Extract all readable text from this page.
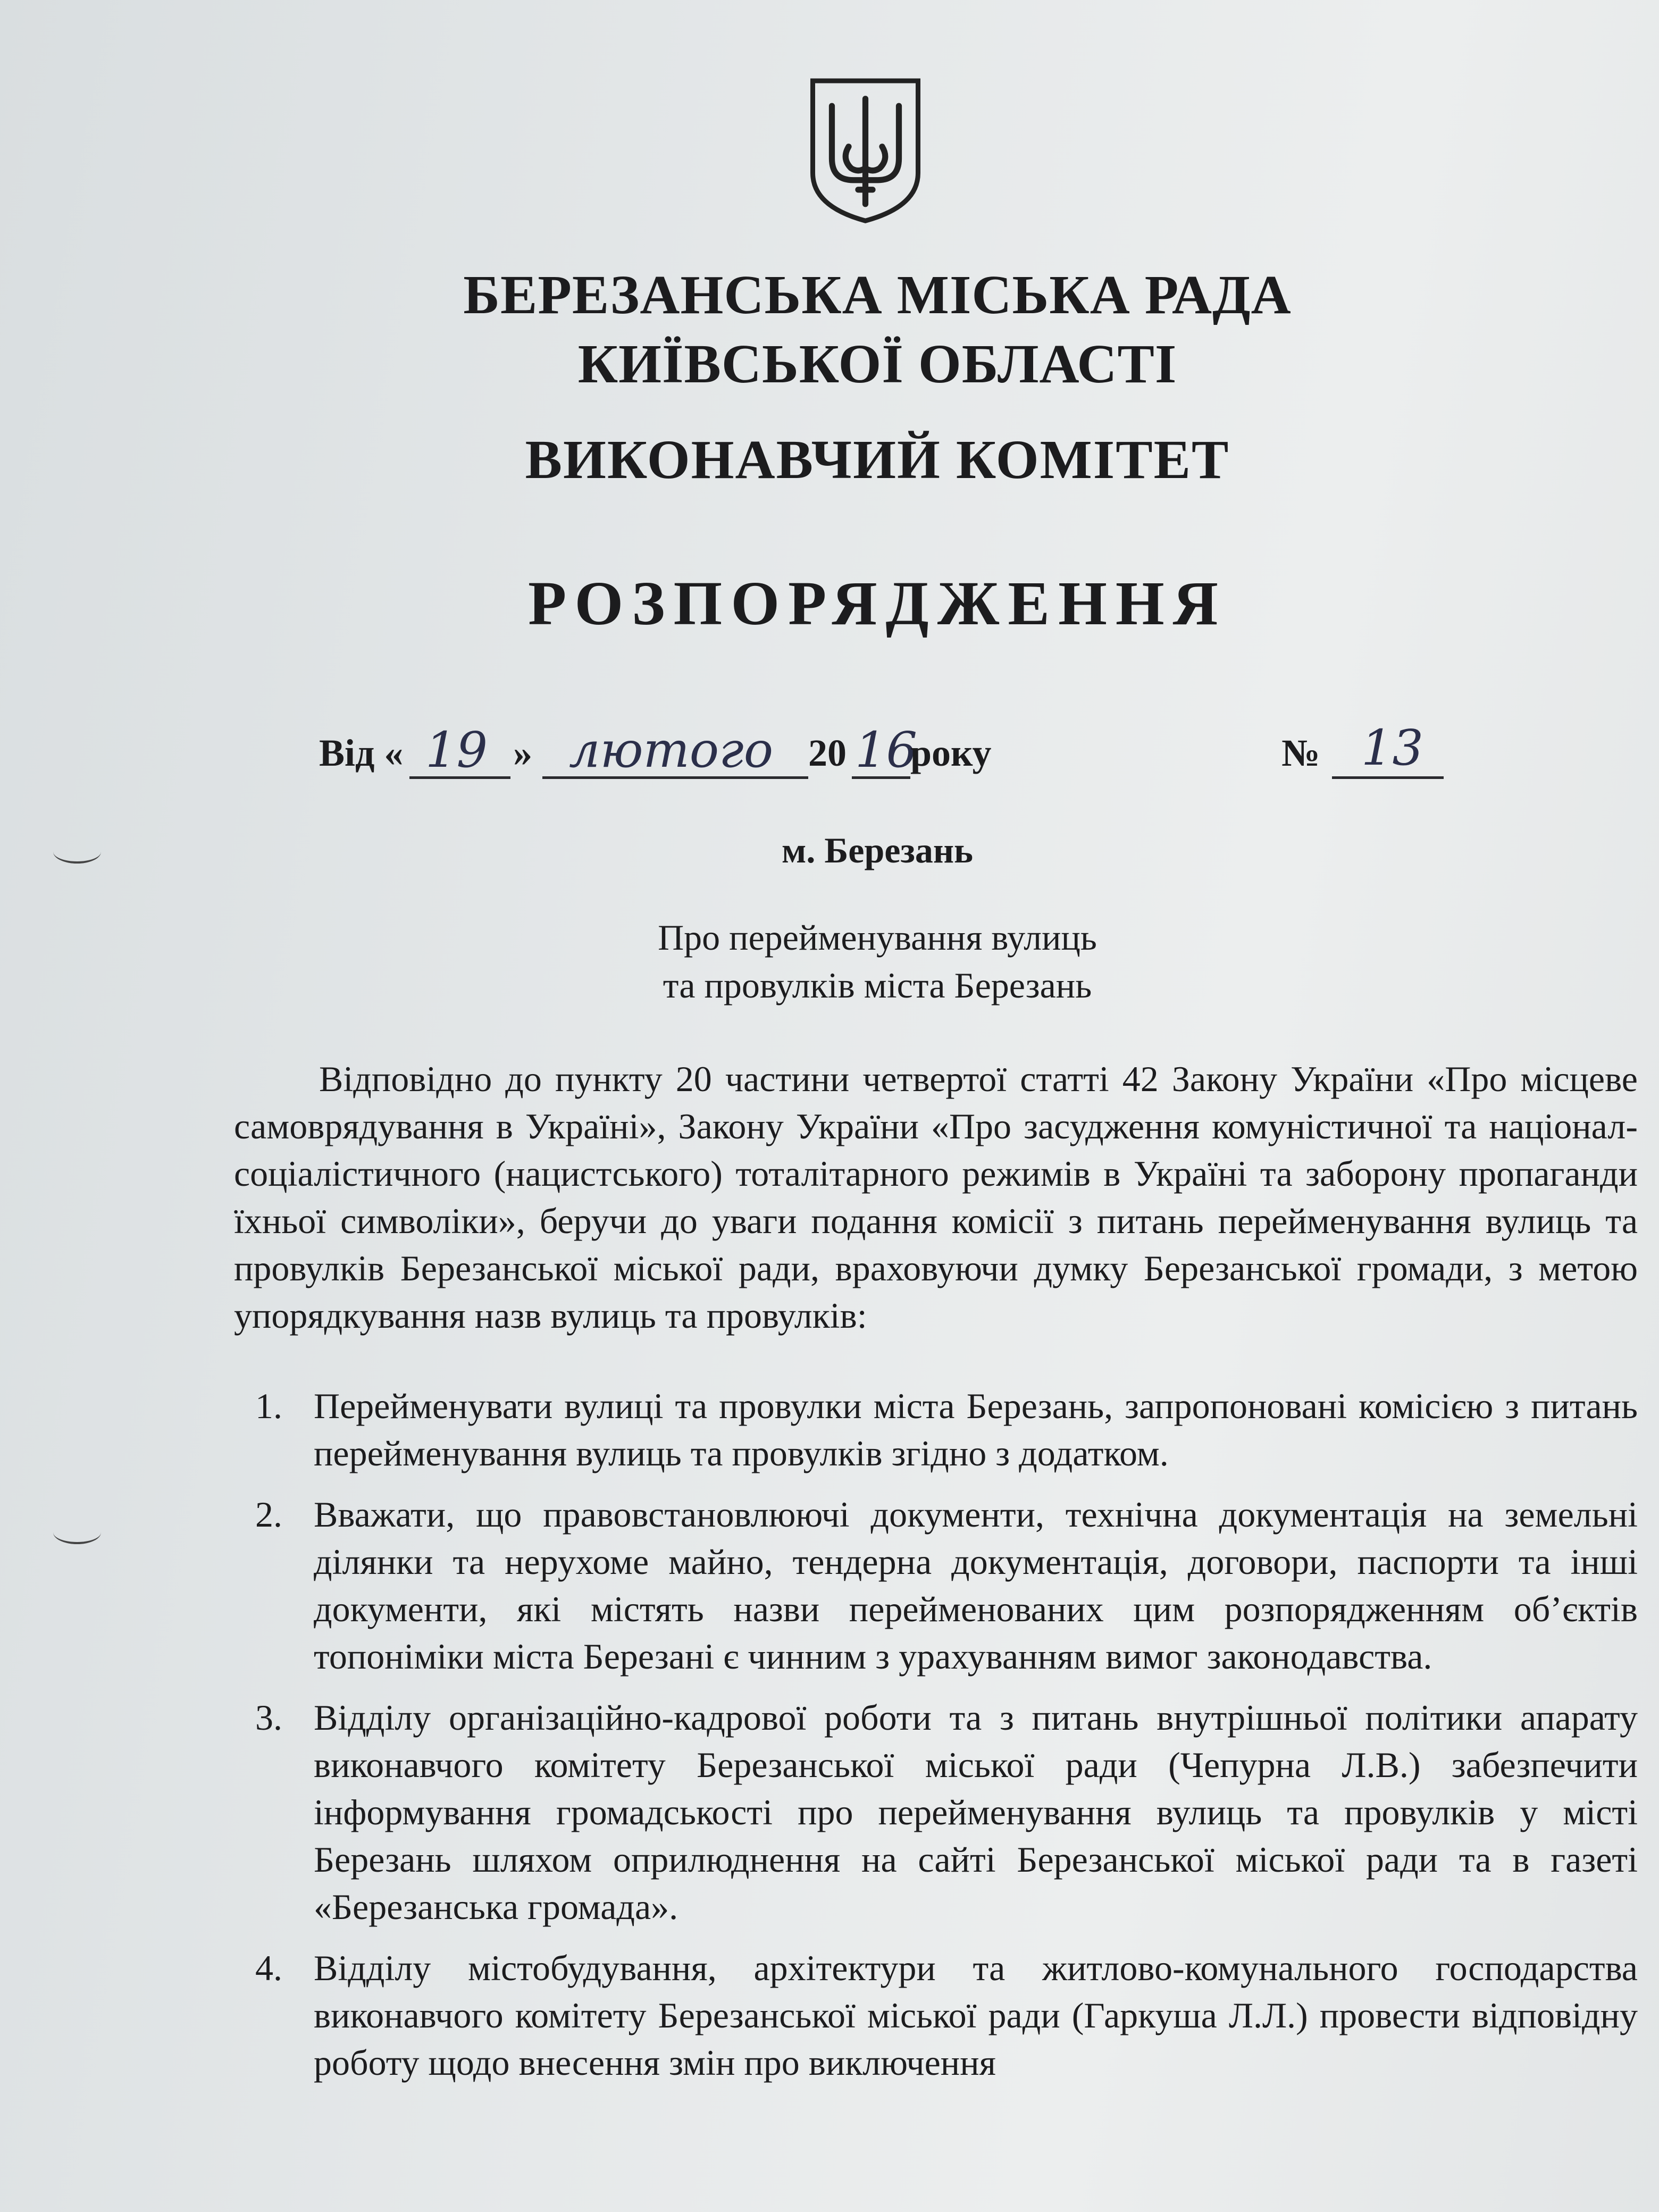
БЕРЕЗАНСЬКА МІСЬКА РАДА
КИЇВСЬКОЇ ОБЛАСТІ
ВИКОНАВЧИЙ КОМІТЕТ
РОЗПОРЯДЖЕННЯ
Від « 19 » лютого 20 16
року	№ 13
м. Березань
Про перейменування вулиць
та провулків міста Березань
Відповідно до пункту 20 частини четвертої статті 42 Закону України «Про місцеве самоврядування в Україні», Закону України «Про засудження комуністичної та націонал-соціалістичного (нацистського) тоталітарного режимів в Україні та заборону пропаганди їхньої символіки», беручи до уваги подання комісії з питань перейменування вулиць та провулків Березанської міської ради, враховуючи думку Березанської громади, з метою упорядкування назв вулиць та провулків:
1. Перейменувати вулиці та провулки міста Березань, запропоновані комісією з питань перейменування вулиць та провулків згідно з додатком.
2. Вважати, що правовстановлюючі документи, технічна документація на земельні ділянки та нерухоме майно, тендерна документація, договори, паспорти та інші документи, які містять назви перейменованих цим розпорядженням об’єктів топоніміки міста Березані є чинним з урахуванням вимог законодавства.
3. Відділу організаційно-кадрової роботи та з питань внутрішньої політики апарату виконавчого комітету Березанської міської ради (Чепурна Л.В.) забезпечити інформування громадськості про перейменування вулиць та провулків у місті Березань шляхом оприлюднення на сайті Березанської міської ради та в газеті «Березанська громада».
4. Відділу містобудування, архітектури та житлово-комунального господарства виконавчого комітету Березанської міської ради (Гаркуша Л.Л.) провести відповідну роботу щодо внесення змін про виключення
